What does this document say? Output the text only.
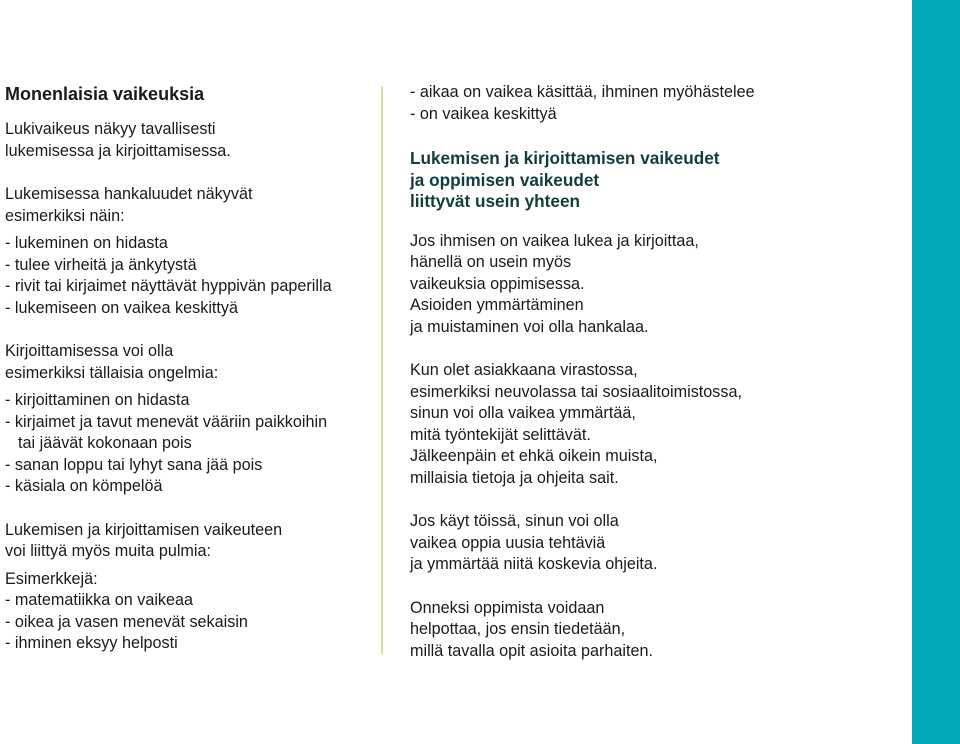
Monenlaisia vaikeuksia
Lukivaikeus näkyy tavallisesti
lukemisessa ja kirjoittamisessa.
Lukemisessa hankaluudet näkyvät
esimerkiksi näin:
- lukeminen on hidasta
- tulee virheitä ja änkytystä
- rivit tai kirjaimet näyttävät hyppivän paperilla
- lukemiseen on vaikea keskittyä
Kirjoittamisessa voi olla
esimerkiksi tällaisia ongelmia:
- kirjoittaminen on hidasta
- kirjaimet ja tavut menevät vääriin paikkoihin
tai jäävät kokonaan pois
- sanan loppu tai lyhyt sana jää pois
- käsiala on kömpelöä
Lukemisen ja kirjoittamisen vaikeuteen
voi liittyä myös muita pulmia:
Esimerkkejä:
- matematiikka on vaikeaa
- oikea ja vasen menevät sekaisin
- ihminen eksyy helposti
- aikaa on vaikea käsittää, ihminen myöhästelee
- on vaikea keskittyä
Lukemisen ja kirjoittamisen vaikeudet
ja oppimisen vaikeudet
liittyvät usein yhteen
Jos ihmisen on vaikea lukea ja kirjoittaa,
hänellä on usein myös
vaikeuksia oppimisessa.
Asioiden ymmärtäminen
ja muistaminen voi olla hankalaa.
Kun olet asiakkaana virastossa,
esimerkiksi neuvolassa tai sosiaalitoimistossa,
sinun voi olla vaikea ymmärtää,
mitä työntekijät selittävät.
Jälkeenpäin et ehkä oikein muista,
millaisia tietoja ja ohjeita sait.
Jos käyt töissä, sinun voi olla
vaikea oppia uusia tehtäviä
ja ymmärtää niitä koskevia ohjeita.
Onneksi oppimista voidaan
helpottaa, jos ensin tiedetään,
millä tavalla opit asioita parhaiten.
